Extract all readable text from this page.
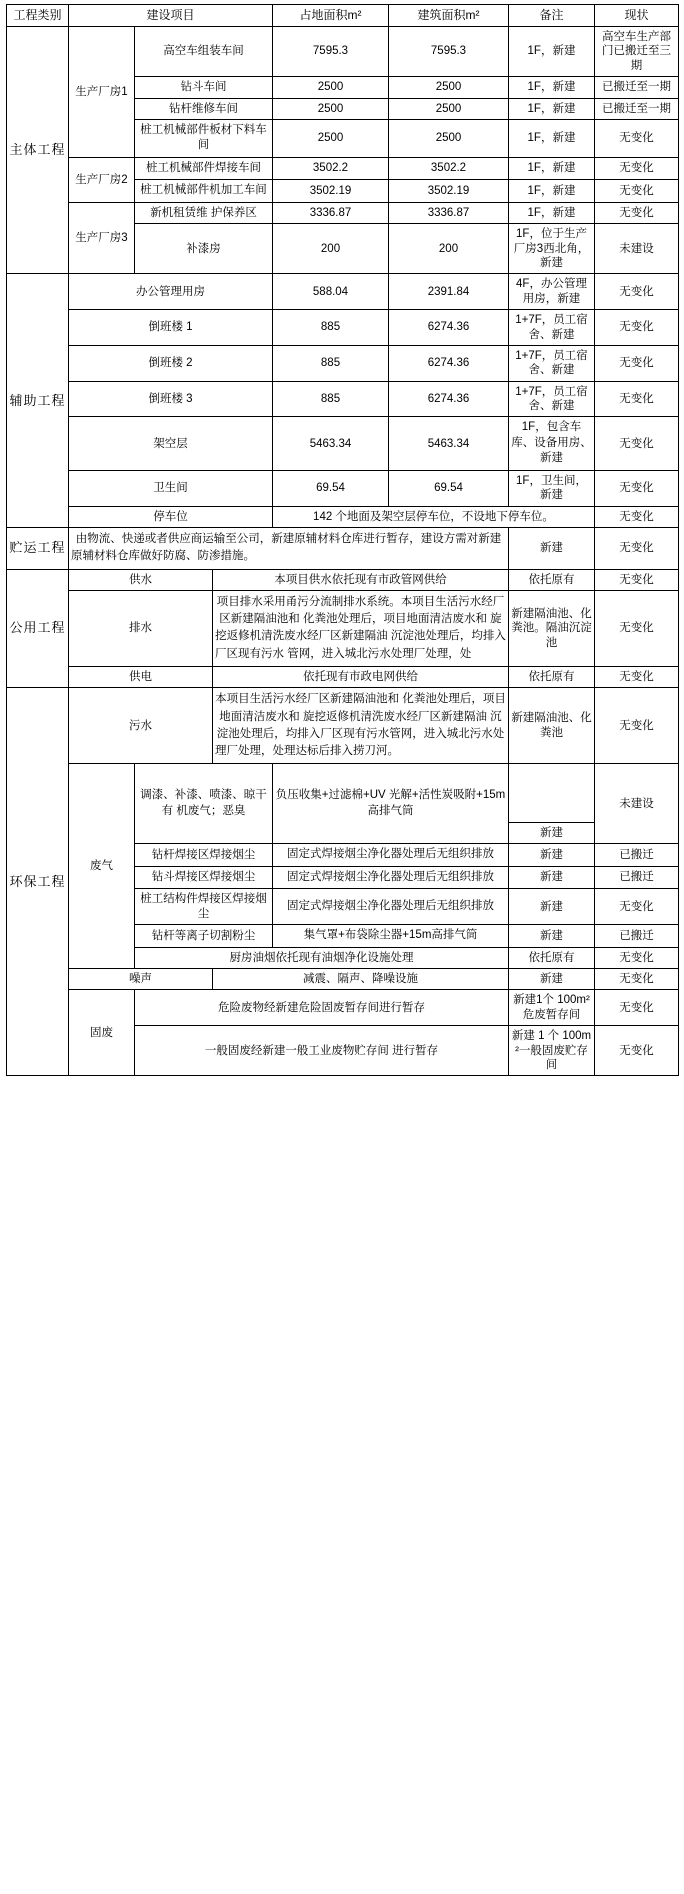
工程类别	建设项目			占地面积m²	建筑面积m²	备注	现状
主体工程	生产厂房1	高空车组装车间		7595.3	7595.3	1F，新建	高空车生产部门已搬迁至三期
		钻斗车间		2500	2500	1F，新建	已搬迁至一期
		钻杆维修车间		2500	2500	1F，新建	已搬迁至一期
		桩工机械部件板材下料车间		2500	2500	1F，新建	无变化
	生产厂房2	桩工机械部件焊接车间		3502.2	3502.2	1F，新建	无变化
		桩工机械部件机加工车间		3502.19	3502.19	1F，新建	无变化
	生产厂房3	新机租赁维 护保养区		3336.87	3336.87	1F，新建	无变化
		补漆房		200	200	1F，位于生产厂房3西北角，新建	未建设
辅助工程	办公管理用房			588.04	2391.84	4F，办公管理用房，新建	无变化
	倒班楼 1			885	6274.36	1+7F，员工宿舍、新建	无变化
	倒班楼 2			885	6274.36	1+7F，员工宿舍、新建	无变化
	倒班楼 3			885	6274.36	1+7F，员工宿舍、新建	无变化
	架空层			5463.34	5463.34	1F，包含车库、设备用房、新建	无变化
	卫生间			69.54	69.54	1F，卫生间，新建	无变化
	停车位			142 个地面及架空层停车位，不设地下停车位。			无变化
贮运工程	由物流、快递或者供应商运输至公司，新建原辅材料仓库进行暂存，建设方需对新建原辅材料仓库做好防腐、防渗措施。					新建	无变化
公用工程	供水		本项目供水依托现有市政管网供给			依托原有	无变化
	排水		项目排水采用甬污分流制排水系统。本项目生活污水经厂区新建隔油池和 化粪池处理后，项目地面清洁废水和 旋挖返修机清洗废水经厂区新建隔油 沉淀池处理后，均排入厂区现有污水 管网，进入城北污水处理厂处理，处			新建隔油池、化粪池。隔油沉淀池	无变化
	供电		依托现有市政电网供给			依托原有	无变化
环保工程	污水		本项目生活污水经厂区新建隔油池和 化粪池处理后，项目地面清洁废水和 旋挖返修机清洗废水经厂区新建隔油 沉淀池处理后，均排入厂区现有污水管网，进入城北污水处理厂处理，处理达标后排入捞刀河。			新建隔油池、化粪池	无变化
	废气	调漆、补漆、喷漆、晾干有 机废气；恶臭		负压收集+过滤棉+UV 光解+活性炭吸附+15m高排气筒		新建	未建设
		钻杆焊接区焊接烟尘		固定式焊接烟尘净化器处理后无组织排放		新建	已搬迁
		钻斗焊接区焊接烟尘		固定式焊接烟尘净化器处理后无组织排放		新建	已搬迁
		桩工结构件焊接区焊接烟尘		固定式焊接烟尘净化器处理后无组织排放		新建	无变化
		钻杆等离子切割粉尘		集气罩+布袋除尘器+15m高排气筒		新建	已搬迁
		厨房油烟依托现有油烟净化设施处理				依托原有	无变化
	噪声		减震、隔声、降噪设施			新建	无变化
	固废	危险废物经新建危险固废暂存间进行暂存				新建1个 100m²危废暂存间	无变化
		一般固废经新建一般工业废物贮存间 进行暂存				新建 1 个 100m²一般固废贮存间	无变化
